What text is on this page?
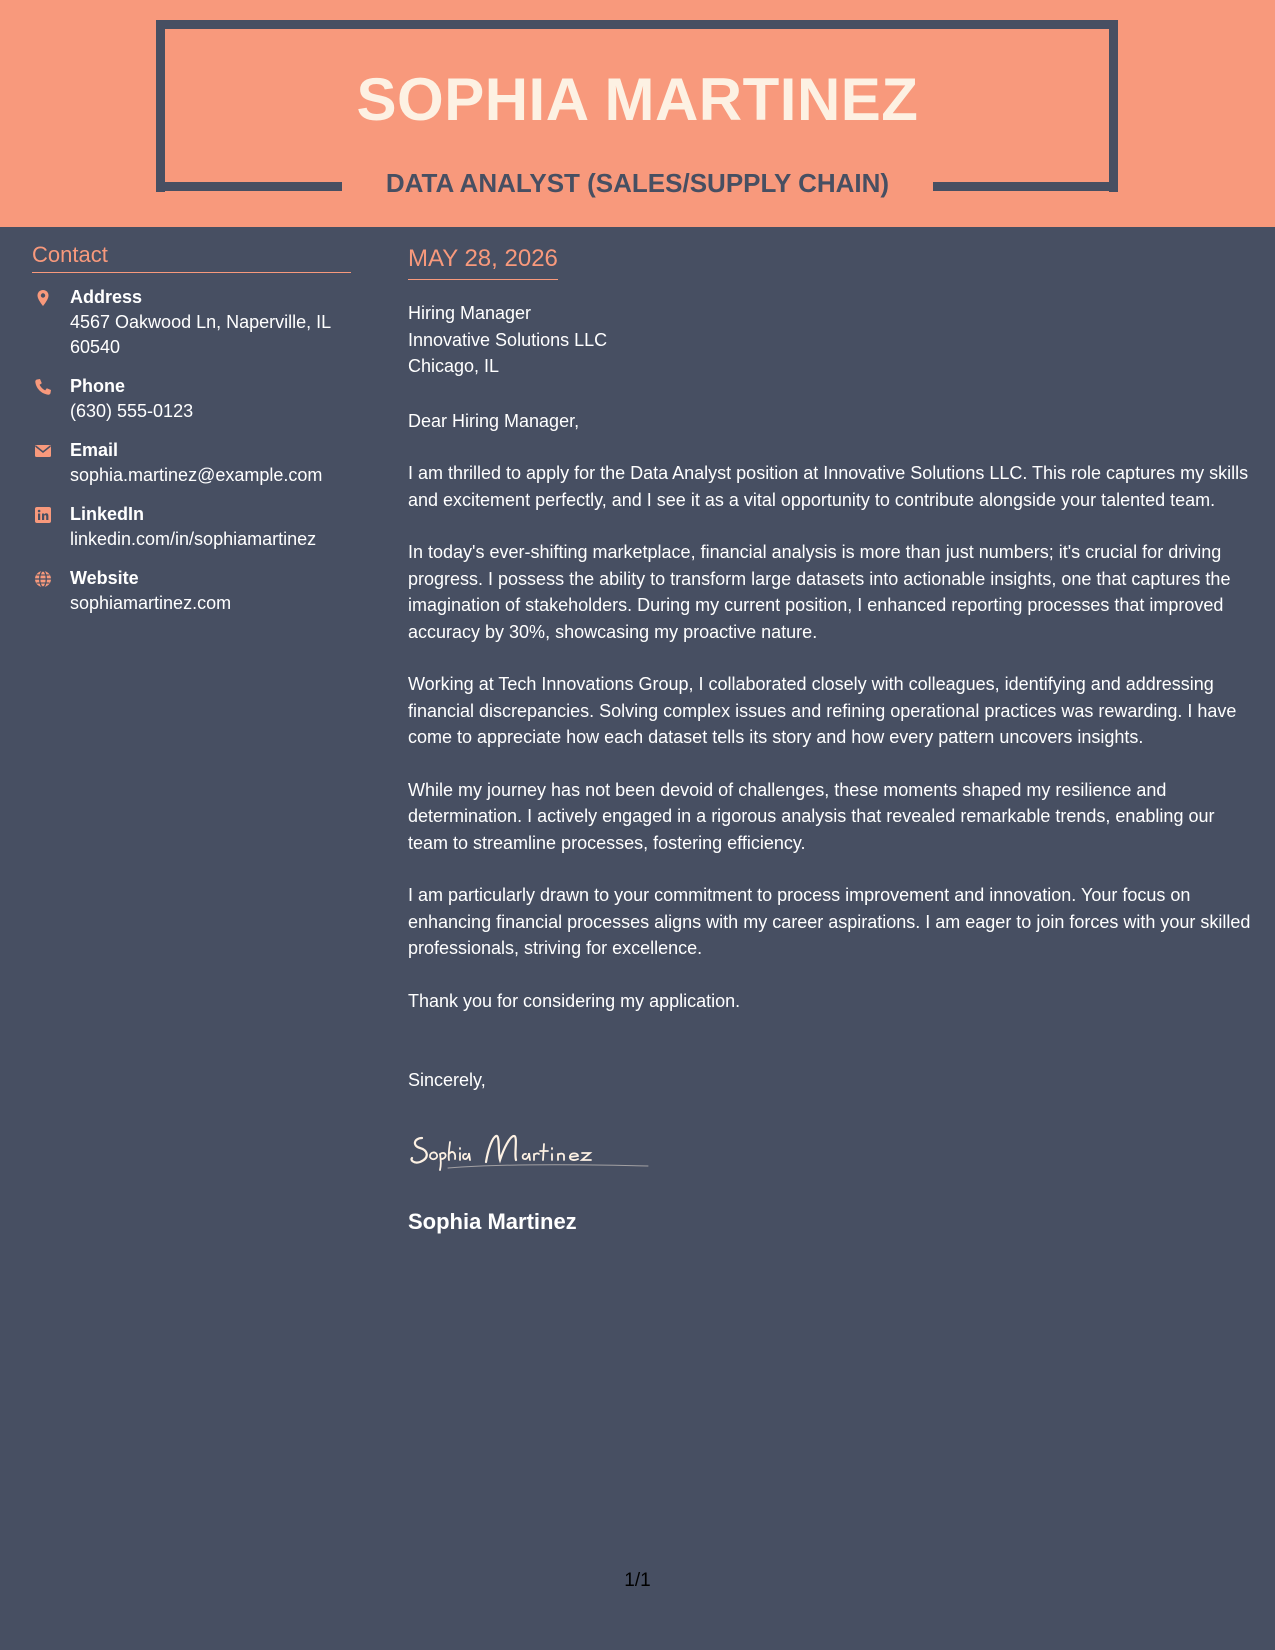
SOPHIA MARTINEZ
DATA ANALYST (SALES/SUPPLY CHAIN)
Contact
Address
4567 Oakwood Ln, Naperville, IL 60540
Phone
(630) 555-0123
Email
sophia.martinez@example.com
LinkedIn
linkedin.com/in/sophiamartinez
Website
sophiamartinez.com
MAY 28, 2026
Hiring Manager
Innovative Solutions LLC
Chicago, IL
Dear Hiring Manager,
I am thrilled to apply for the Data Analyst position at Innovative Solutions LLC. This role captures my skills and excitement perfectly, and I see it as a vital opportunity to contribute alongside your talented team.
In today's ever-shifting marketplace, financial analysis is more than just numbers; it's crucial for driving progress. I possess the ability to transform large datasets into actionable insights, one that captures the imagination of stakeholders. During my current position, I enhanced reporting processes that improved accuracy by 30%, showcasing my proactive nature.
Working at Tech Innovations Group, I collaborated closely with colleagues, identifying and addressing financial discrepancies. Solving complex issues and refining operational practices was rewarding. I have come to appreciate how each dataset tells its story and how every pattern uncovers insights.
While my journey has not been devoid of challenges, these moments shaped my resilience and determination. I actively engaged in a rigorous analysis that revealed remarkable trends, enabling our team to streamline processes, fostering efficiency.
I am particularly drawn to your commitment to process improvement and innovation. Your focus on enhancing financial processes aligns with my career aspirations. I am eager to join forces with your skilled professionals, striving for excellence.
Thank you for considering my application.
Sincerely,
Sophia Martinez
1/1
